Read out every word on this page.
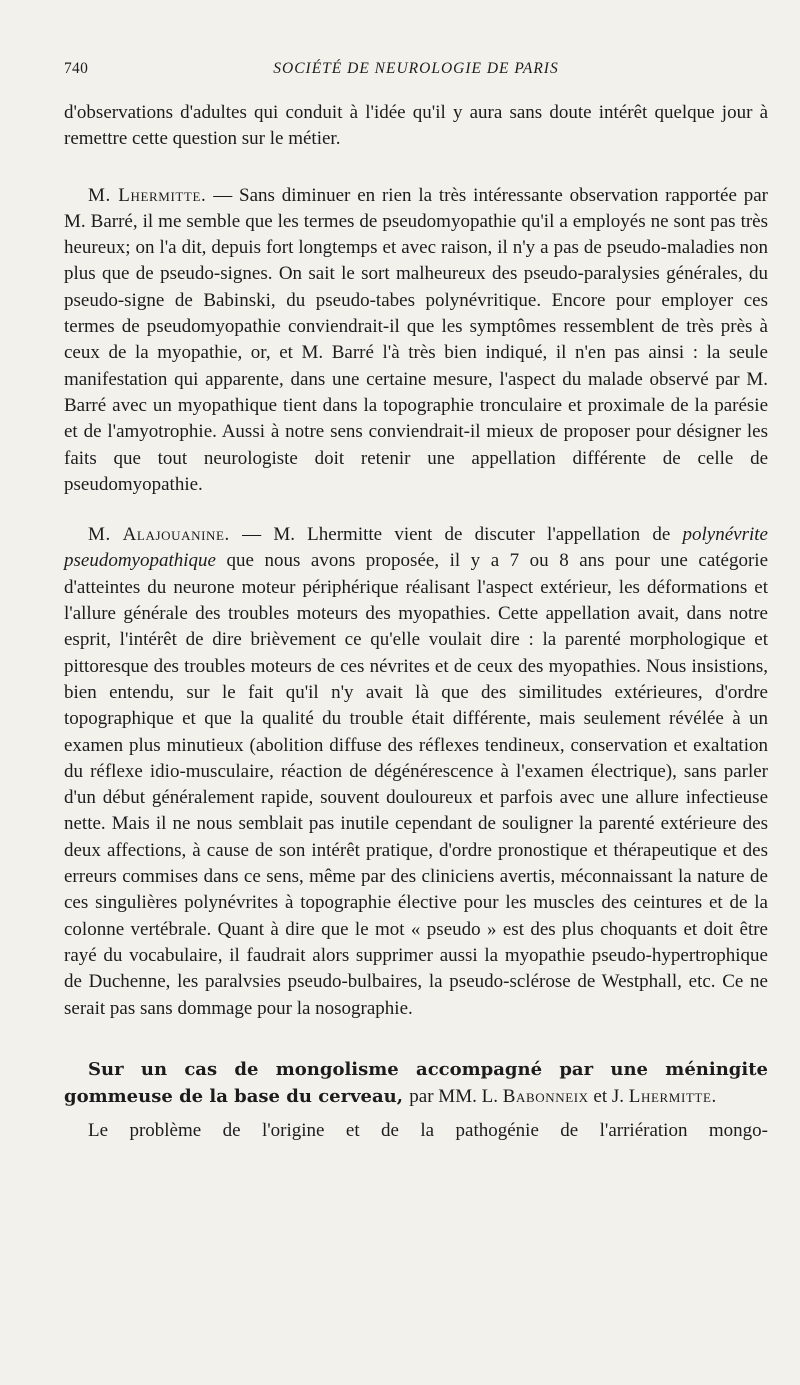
740	SOCIÉTÉ DE NEUROLOGIE DE PARIS

d'observations d'adultes qui conduit à l'idée qu'il y aura sans doute intérêt quelque jour à remettre cette question sur le métier.

M. Lhermitte. — Sans diminuer en rien la très intéressante observation rapportée par M. Barré, il me semble que les termes de pseudomyopathie qu'il a employés ne sont pas très heureux; on l'a dit, depuis fort longtemps et avec raison, il n'y a pas de pseudo-maladies non plus que de pseudo-signes. On sait le sort malheureux des pseudo-paralysies générales, du pseudo-signe de Babinski, du pseudo-tabes polynévritique. Encore pour employer ces termes de pseudomyopathie conviendrait-il que les symptômes ressemblent de très près à ceux de la myopathie, or, et M. Barré l'à très bien indiqué, il n'en pas ainsi : la seule manifestation qui apparente, dans une certaine mesure, l'aspect du malade observé par M. Barré avec un myopathique tient dans la topographie tronculaire et proximale de la parésie et de l'amyotrophie. Aussi à notre sens conviendrait-il mieux de proposer pour désigner les faits que tout neurologiste doit retenir une appellation différente de celle de pseudomyopathie.

M. Alajouanine. — M. Lhermitte vient de discuter l'appellation de polynévrite pseudomyopathique que nous avons proposée, il y a 7 ou 8 ans pour une catégorie d'atteintes du neurone moteur périphérique réalisant l'aspect extérieur, les déformations et l'allure générale des troubles moteurs des myopathies. Cette appellation avait, dans notre esprit, l'intérêt de dire brièvement ce qu'elle voulait dire : la parenté morphologique et pittoresque des troubles moteurs de ces névrites et de ceux des myopathies. Nous insistions, bien entendu, sur le fait qu'il n'y avait là que des similitudes extérieures, d'ordre topographique et que la qualité du trouble était différente, mais seulement révélée à un examen plus minutieux (abolition diffuse des réflexes tendineux, conservation et exaltation du réflexe idio-musculaire, réaction de dégénérescence à l'examen électrique), sans parler d'un début généralement rapide, souvent douloureux et parfois avec une allure infectieuse nette. Mais il ne nous semblait pas inutile cependant de souligner la parenté extérieure des deux affections, à cause de son intérêt pratique, d'ordre pronostique et thérapeutique et des erreurs commises dans ce sens, même par des cliniciens avertis, méconnaissant la nature de ces singulières polynévrites à topographie élective pour les muscles des ceintures et de la colonne vertébrale. Quant à dire que le mot « pseudo » est des plus choquants et doit être rayé du vocabulaire, il faudrait alors supprimer aussi la myopathie pseudo-hypertrophique de Duchenne, les paralvsies pseudo-bulbaires, la pseudo-sclérose de Westphall, etc. Ce ne serait pas sans dommage pour la nosographie.

Sur un cas de mongolisme accompagné par une méningite gommeuse de la base du cerveau, par MM. L. Babonneix et J. Lhermitte.

Le problème de l'origine et de la pathogénie de l'arriération mongo-
